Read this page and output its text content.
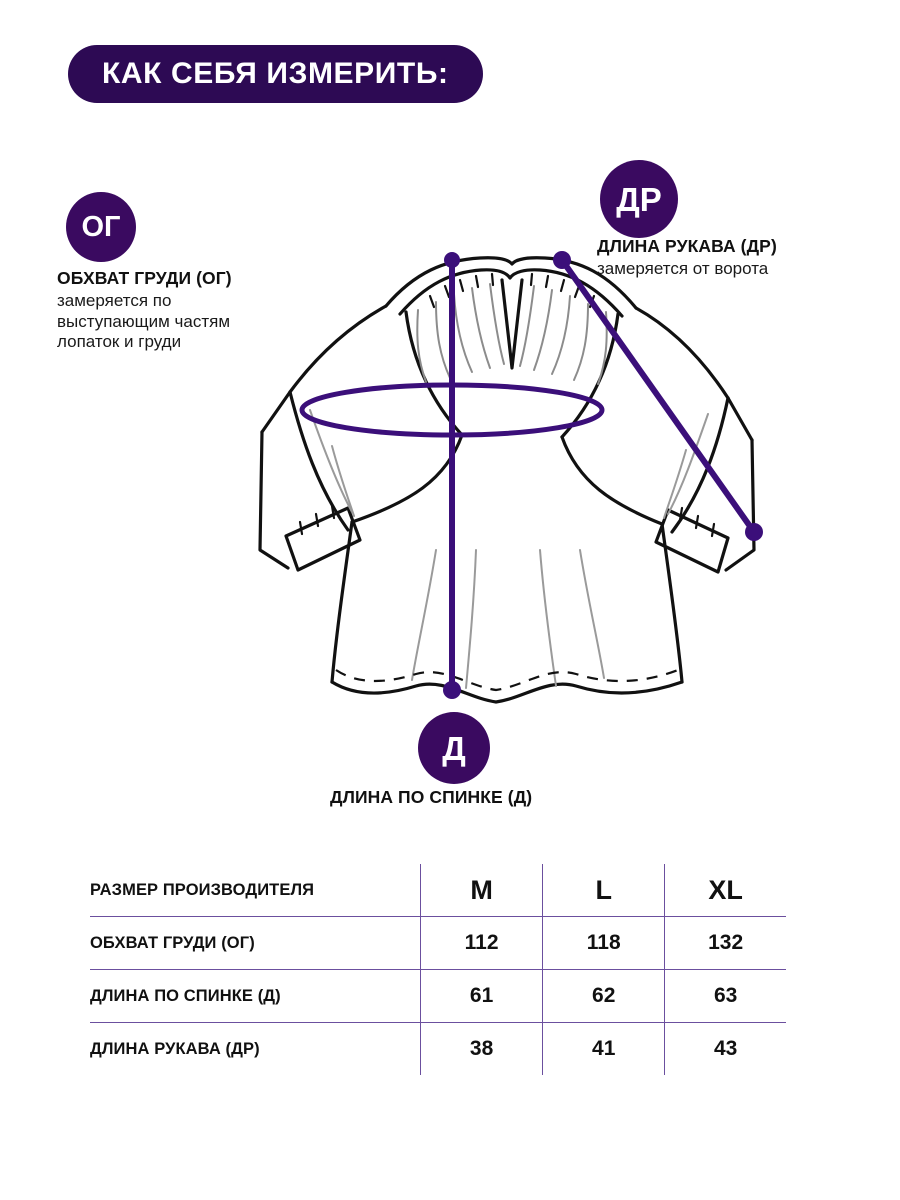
КАК СЕБЯ ИЗМЕРИТЬ:
ОГ
ОБХВАТ ГРУДИ (ОГ)
замеряется по
выступающим частям
лопаток и груди
ДР
ДЛИНА РУКАВА (ДР)
замеряется от ворота
Д
ДЛИНА ПО СПИНКЕ (Д)
РАЗМЕР ПРОИЗВОДИТЕЛЯ	M	L	XL
ОБХВАТ ГРУДИ (ОГ)	112	118	132
ДЛИНА ПО СПИНКЕ (Д)	61	62	63
ДЛИНА РУКАВА (ДР)	38	41	43
